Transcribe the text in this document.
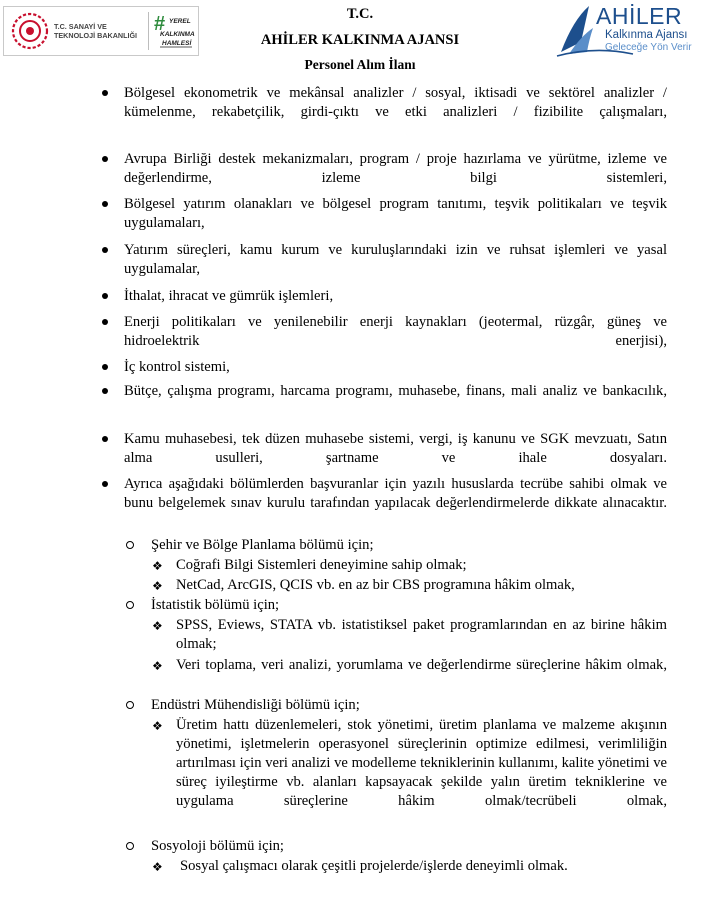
T.C. SANAYİ VE
TEKNOLOJİ BAKANLIĞI
# YEREL
KALKINMA
HAMLESİ
T.C.
AHİLER KALKINMA AJANSI
Personel Alım İlanı
AHİLER
Kalkınma Ajansı
Geleceğe Yön Verir
Bölgesel ekonometrik ve mekânsal analizler / sosyal, iktisadi ve sektörel analizler / kümelenme, rekabetçilik, girdi-çıktı ve etki analizleri / fizibilite çalışmaları,
Avrupa Birliği destek mekanizmaları, program / proje hazırlama ve yürütme, izleme ve değerlendirme, izleme bilgi sistemleri,
Bölgesel yatırım olanakları ve bölgesel program tanıtımı, teşvik politikaları ve teşvik uygulamaları,
Yatırım süreçleri, kamu kurum ve kuruluşlarındaki izin ve ruhsat işlemleri ve yasal uygulamalar,
İthalat, ihracat ve gümrük işlemleri,
Enerji politikaları ve yenilenebilir enerji kaynakları (jeotermal, rüzgâr, güneş ve hidroelektrik enerjisi),
İç kontrol sistemi,
Bütçe, çalışma programı, harcama programı, muhasebe, finans, mali analiz ve bankacılık,
Kamu muhasebesi, tek düzen muhasebe sistemi, vergi, iş kanunu ve SGK mevzuatı, Satın alma usulleri, şartname ve ihale dosyaları.
Ayrıca aşağıdaki bölümlerden başvuranlar için yazılı hususlarda tecrübe sahibi olmak ve bunu belgelemek sınav kurulu tarafından yapılacak değerlendirmelerde dikkate alınacaktır.
Şehir ve Bölge Planlama bölümü için;
❖ Coğrafi Bilgi Sistemleri deneyimine sahip olmak;
❖ NetCad, ArcGIS, QCIS vb. en az bir CBS programına hâkim olmak,
İstatistik bölümü için;
❖ SPSS, Eviews, STATA vb. istatistiksel paket programlarından en az birine hâkim olmak;
❖ Veri toplama, veri analizi, yorumlama ve değerlendirme süreçlerine hâkim olmak,
Endüstri Mühendisliği bölümü için;
❖ Üretim hattı düzenlemeleri, stok yönetimi, üretim planlama ve malzeme akışının yönetimi, işletmelerin operasyonel süreçlerinin optimize edilmesi, verimliliğin artırılması için veri analizi ve modelleme tekniklerinin kullanımı, kalite yönetimi ve süreç iyileştirme vb. alanları kapsayacak şekilde yalın üretim tekniklerine ve uygulama süreçlerine hâkim olmak/tecrübeli olmak,
Sosyoloji bölümü için;
❖ Sosyal çalışmacı olarak çeşitli projelerde/işlerde deneyimli olmak.
